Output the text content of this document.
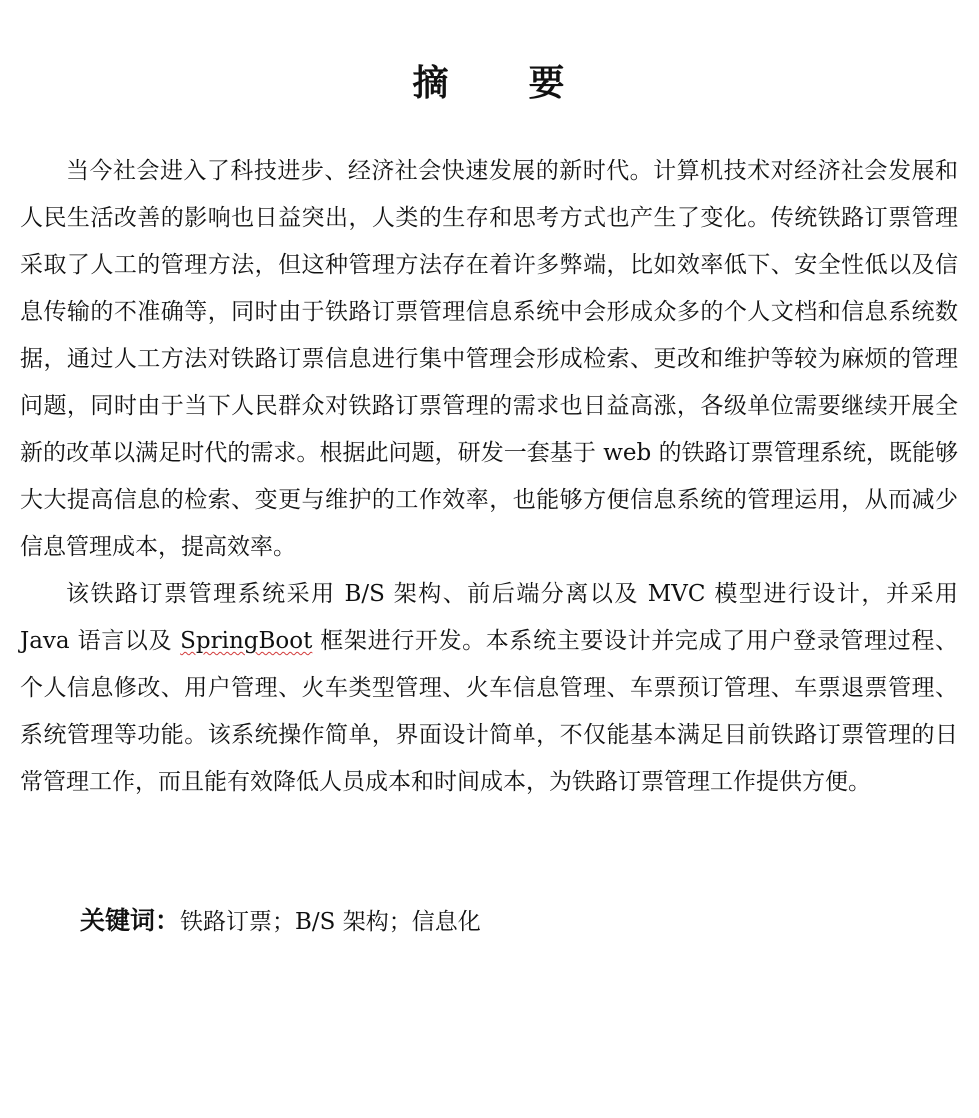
摘 要

当今社会进入了科技进步、经济社会快速发展的新时代。计算机技术对经济社会发展和人民生活改善的影响也日益突出，人类的生存和思考方式也产生了变化。传统铁路订票管理采取了人工的管理方法，但这种管理方法存在着许多弊端，比如效率低下、安全性低以及信息传输的不准确等，同时由于铁路订票管理信息系统中会形成众多的个人文档和信息系统数据，通过人工方法对铁路订票信息进行集中管理会形成检索、更改和维护等较为麻烦的管理问题，同时由于当下人民群众对铁路订票管理的需求也日益高涨，各级单位需要继续开展全新的改革以满足时代的需求。根据此问题，研发一套基于 web 的铁路订票管理系统，既能够大大提高信息的检索、变更与维护的工作效率，也能够方便信息系统的管理运用，从而减少信息管理成本，提高效率。

该铁路订票管理系统采用 B/S 架构、前后端分离以及 MVC 模型进行设计，并采用 Java 语言以及 SpringBoot 框架进行开发。本系统主要设计并完成了用户登录管理过程、个人信息修改、用户管理、火车类型管理、火车信息管理、车票预订管理、车票退票管理、系统管理等功能。该系统操作简单，界面设计简单，不仅能基本满足目前铁路订票管理的日常管理工作，而且能有效降低人员成本和时间成本，为铁路订票管理工作提供方便。

关键词：铁路订票；B/S 架构；信息化
